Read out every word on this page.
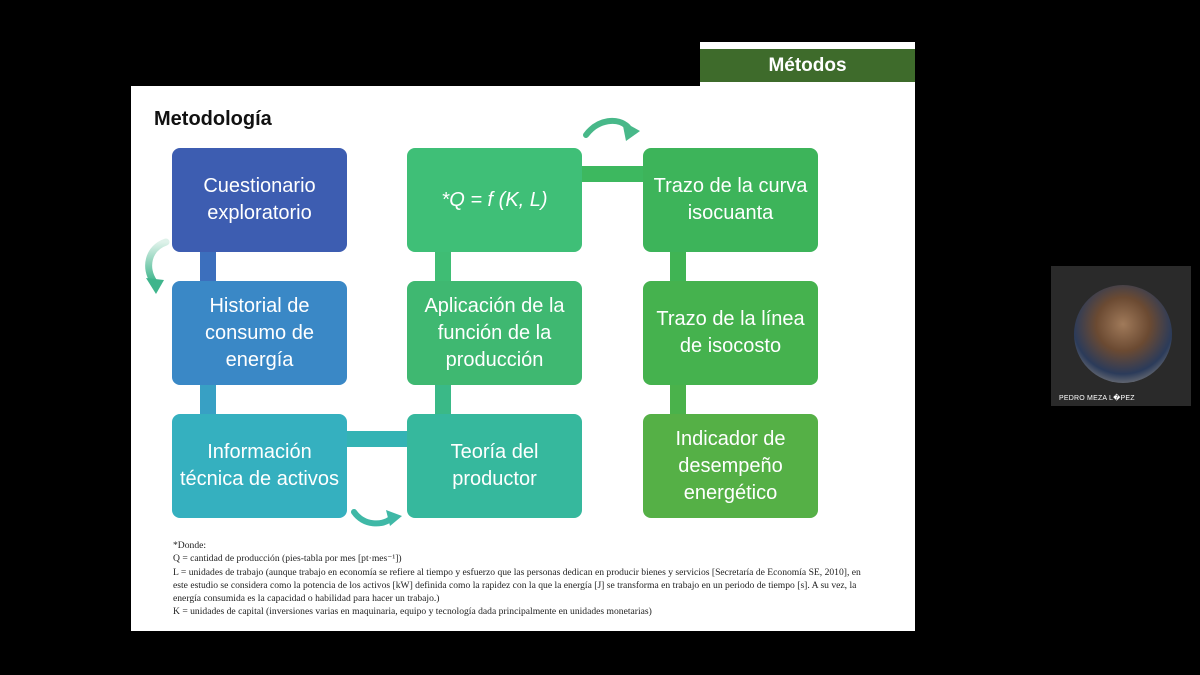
Métodos
Metodología
Cuestionario exploratorio
Historial de consumo de energía
Información técnica de activos
*Q = f (K, L)
Aplicación de la función de la producción
Teoría del productor
Trazo de la curva isocuanta
Trazo de la línea de isocosto
Indicador de desempeño energético

*Donde:

Q = cantidad de producción (pies-tabla por mes [pt·mes⁻¹])

L = unidades de trabajo (aunque trabajo en economía se refiere al tiempo y esfuerzo que las personas dedican en producir bienes y servicios [Secretaría de Economía SE, 2010], en este estudio se considera como la potencia de los activos [kW] definida como la rapidez con la que la energía [J] se transforma en trabajo en un periodo de tiempo [s]. A su vez, la energía consumida es la capacidad o habilidad para hacer un trabajo.)

K = unidades de capital (inversiones varias en maquinaria, equipo y tecnología dada principalmente en unidades monetarias)

PEDRO MEZA L�PEZ
